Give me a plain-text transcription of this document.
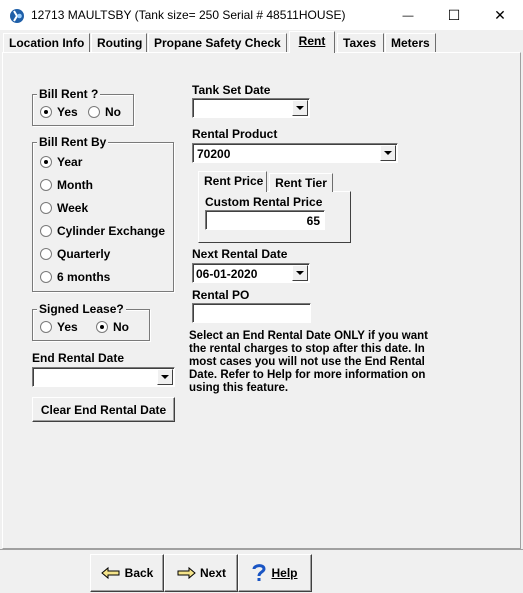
12713 MAULTSBY (Tank size= 250 Serial # 48511HOUSE)	— ☐ ✕
Location Info	Routing Propane Safety Check	Rent	Taxes	Meters
Bill Rent ?
Yes No
Bill Rent By
Year
Month
Week
Cylinder Exchange
Quarterly
6 months
Signed Lease?
Yes	No
End Rental Date
Clear End Rental Date
Tank Set Date
Rental Product
70200
Rent Price Rent Tier
Custom Rental Price
65
Next Rental Date
06-01-2020
Rental PO
Select an End Rental Date ONLY if you want the rental charges to stop after this date. In most cases you will not use the End Rental Date. Refer to Help for more information on using this feature.
Back	Next	Help
